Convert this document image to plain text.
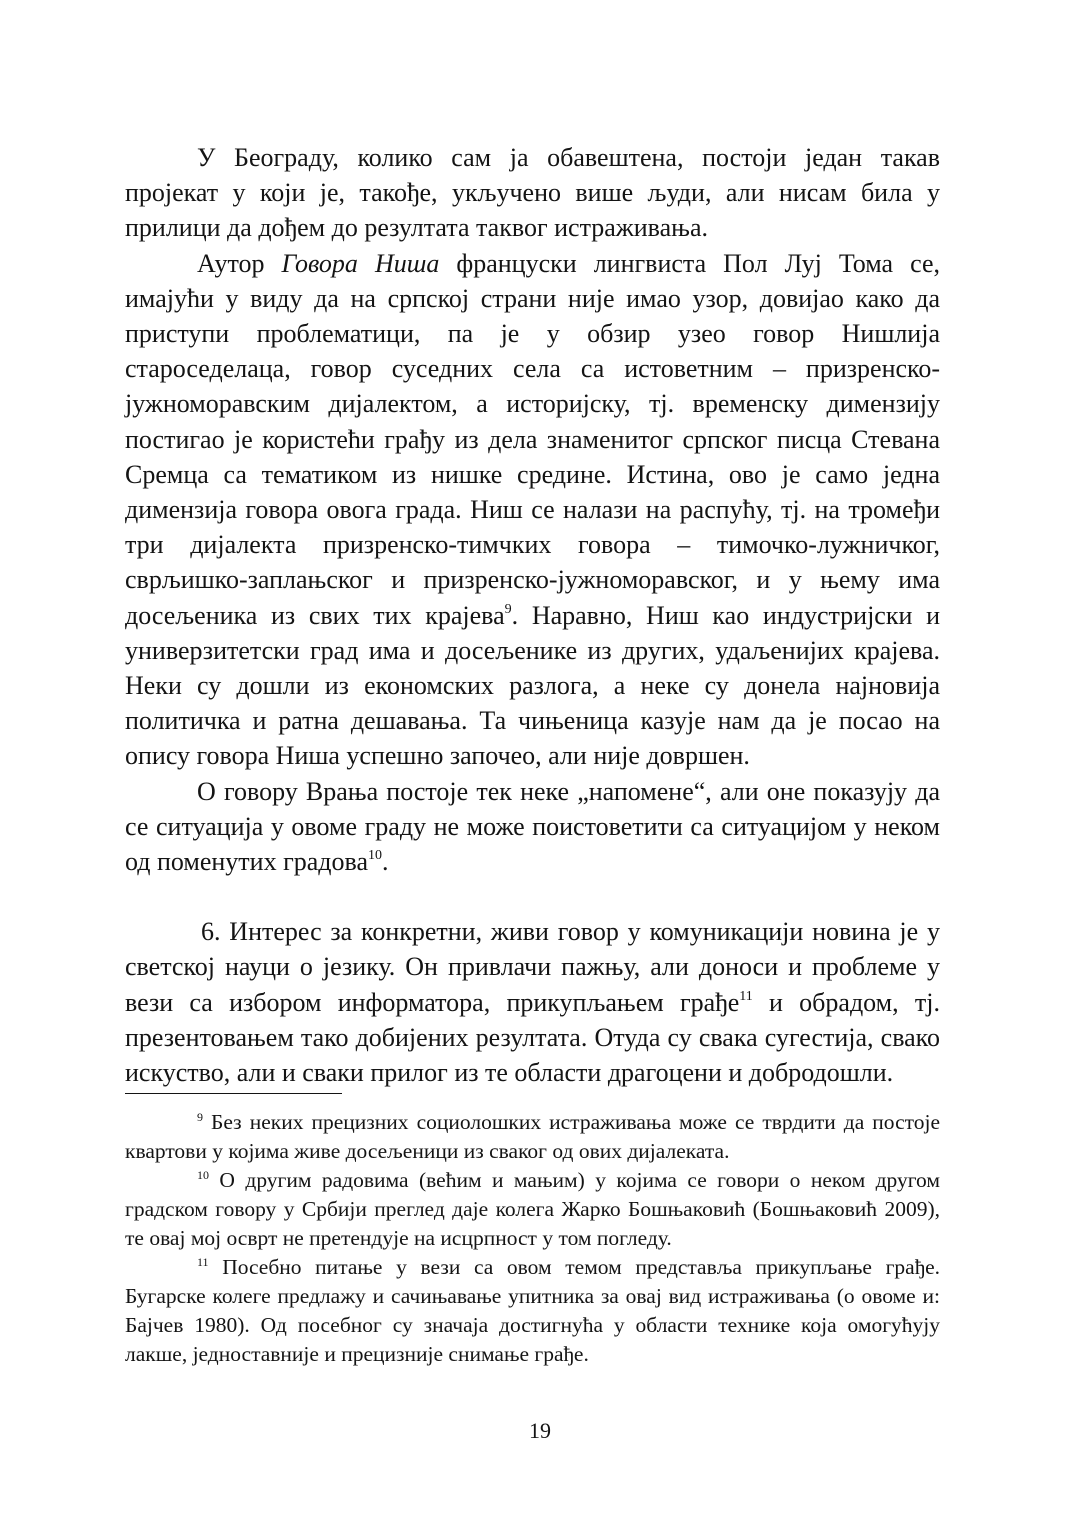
У Београду, колико сам ја обавештена, постоји један такав пројекат у који је, такође, укључено више људи, али нисам била у прилици да дођем до резултата таквог истраживања.

Аутор Говора Ниша француски лингвиста Пол Луј Тома се, имајући у виду да на српској страни није имао узор, довијао како да приступи проблематици, па је у обзир узео говор Нишлија староседелаца, говор суседних села са истоветним – призренско-јужноморавским дијалектом, а историјску, тј. временску димензију постигао је користећи грађу из дела знаменитог српског писца Стевана Сремца са тематиком из нишке средине. Истина, ово је само једна димензија говора овога града. Ниш се налази на распућу, тј. на тромеђи три дијалекта призренско-тимчких говора – тимочко-лужничког, сврљишко-заплањског и призренско-јужноморавског, и у њему има досељеника из свих тих крајева$^9$. Наравно, Ниш као индустријски и универзитетски град има и досељенике из других, удаљенијих крајева. Неки су дошли из економских разлога, а неке су донела најновија политичка и ратна дешавања. Та чињеница казује нам да је посао на опису говора Ниша успешно започео, али није довршен.

О говору Врања постоје тек неке „напомене“, али оне показују да се ситуација у овоме граду не може поистоветити са ситуацијом у неком од поменутих градова$^{10}$.

6. Интерес за конкретни, живи говор у комуникацији новина је у светској науци о језику. Он привлачи пажњу, али доноси и проблеме у вези са избором информатора, прикупљањем грађе$^{11}$ и обрадом, тј. презентовањем тако добијених резултата. Отуда су свака сугестија, свако искуство, али и сваки прилог из те области драгоцени и добродошли.

$^9$ Без неких прецизних социолошких истраживања може се тврдити да постоје квартови у којима живе досељеници из сваког од ових дијалеката.

$^{10}$ О другим радовима (већим и мањим) у којима се говори о неком другом градском говору у Србији преглед даје колега Жарко Бошњаковић (Бошњаковић 2009), те овај мој осврт не претендује на исцрпност у том погледу.

$^{11}$ Посебно питање у вези са овом темом представља прикупљање грађе. Бугарске колеге предлажу и сачињавање упитника за овај вид истраживања (о овоме и: Бајчев 1980). Од посебног су значаја достигнућа у области технике која омогућују лакше, једноставније и прецизније снимање грађе.

19
